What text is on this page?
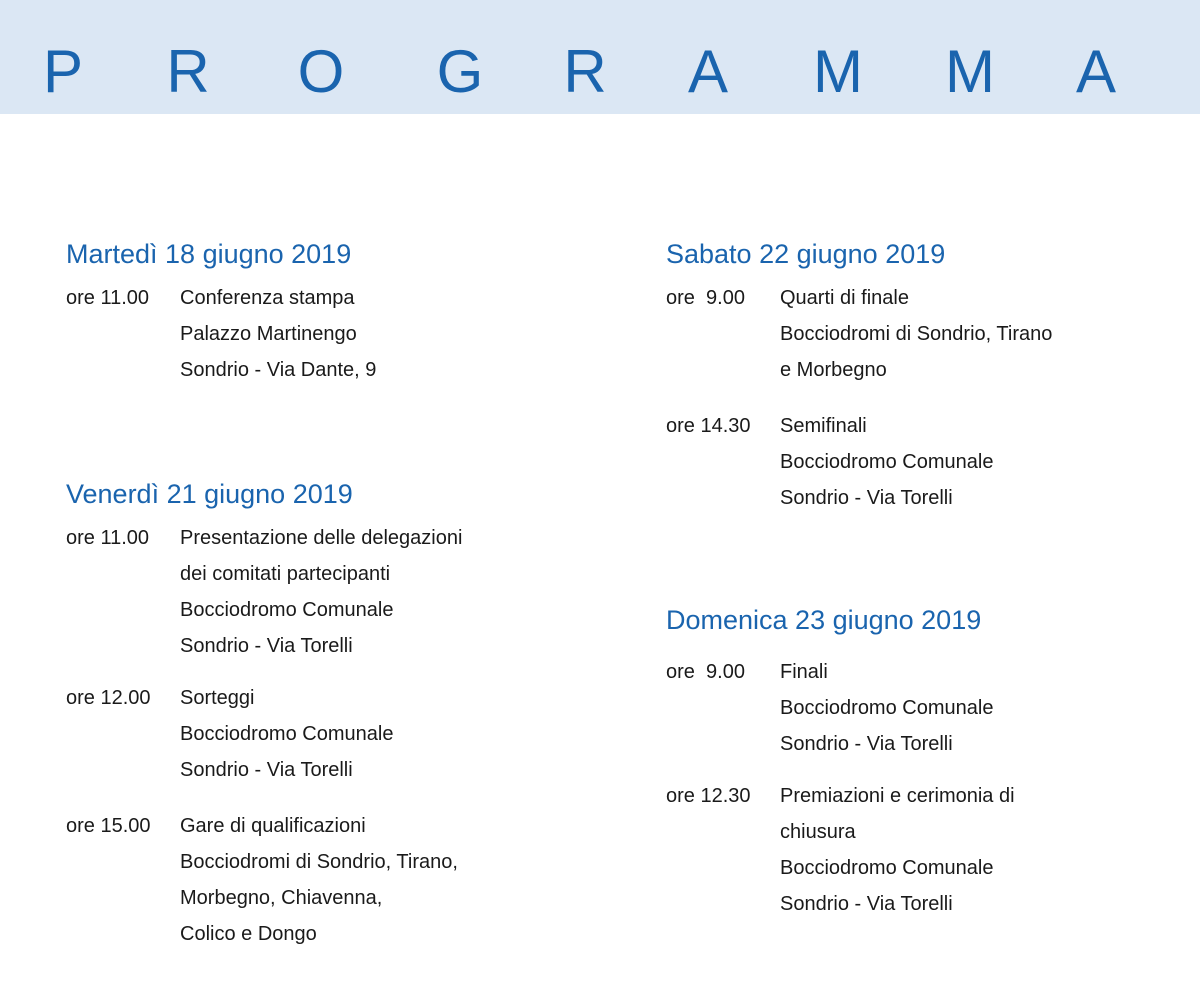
P R O G R A M M A
Martedì 18 giugno 2019
ore 11.00	Conferenza stampa
Palazzo Martinengo
Sondrio - Via Dante, 9
Venerdì 21 giugno 2019
ore 11.00	Presentazione delle delegazioni
dei comitati partecipanti
Bocciodromo Comunale
Sondrio - Via Torelli
ore 12.00	Sorteggi
Bocciodromo Comunale
Sondrio - Via Torelli
ore 15.00	Gare di qualificazioni
Bocciodromi di Sondrio, Tirano,
Morbegno, Chiavenna,
Colico e Dongo
Sabato 22 giugno 2019
ore  9.00	Quarti di finale
Bocciodromi di Sondrio, Tirano
e Morbegno
ore 14.30	Semifinali
Bocciodromo Comunale
Sondrio - Via Torelli
Domenica 23 giugno 2019
ore  9.00	Finali
Bocciodromo Comunale
Sondrio - Via Torelli
ore 12.30	Premiazioni e cerimonia di
chiusura
Bocciodromo Comunale
Sondrio - Via Torelli
